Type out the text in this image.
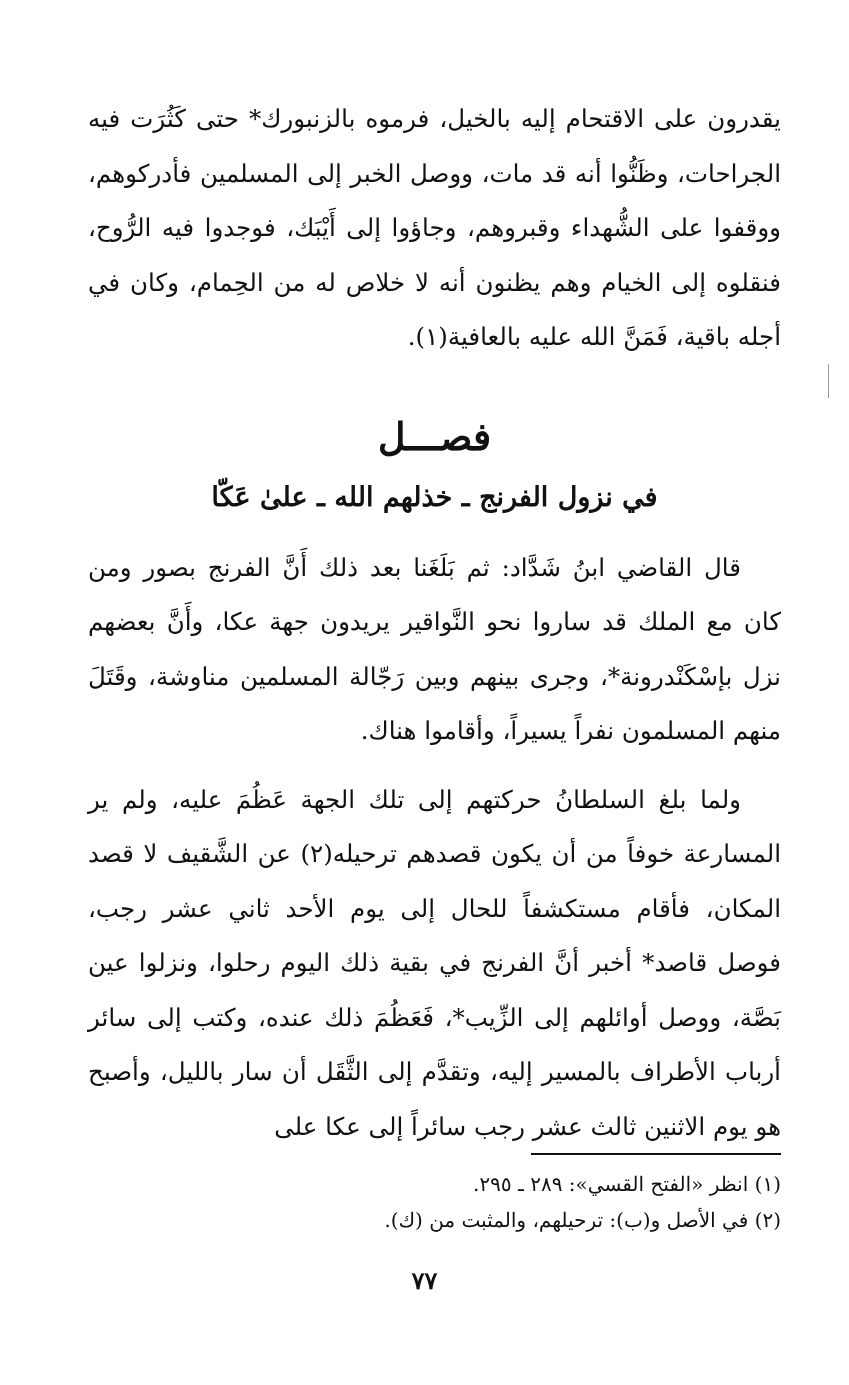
يقدرون على الاقتحام إليه بالخيل، فرموه بالزنبورك* حتى كَثُرَت فيه الجراحات، وظَنُّوا أنه قد مات، ووصل الخبر إلى المسلمين فأدركوهم، ووقفوا على الشُّهداء وقبروهم، وجاؤوا إلى أَيْبَك، فوجدوا فيه الرُّوح، فنقلوه إلى الخيام وهم يظنون أنه لا خلاص له من الحِمام، وكان في أجله باقية، فَمَنَّ الله عليه بالعافية(١).

فصـــل
في نزول الفرنج ـ خذلهم الله ـ علىٰ عَكّا

قال القاضي ابنُ شَدَّاد: ثم بَلَغَنا بعد ذلك أَنَّ الفرنج بصور ومن كان مع الملك قد ساروا نحو النَّواقير يريدون جهة عكا، وأَنَّ بعضهم نزل بإسْكَنْدرونة*، وجرى بينهم وبين رَجّالة المسلمين مناوشة، وقَتَلَ منهم المسلمون نفراً يسيراً، وأقاموا هناك.

ولما بلغ السلطانُ حركتهم إلى تلك الجهة عَظُمَ عليه، ولم ير المسارعة خوفاً من أن يكون قصدهم ترحيله(٢) عن الشَّقيف لا قصد المكان، فأقام مستكشفاً للحال إلى يوم الأحد ثاني عشر رجب، فوصل قاصد* أخبر أنَّ الفرنج في بقية ذلك اليوم رحلوا، ونزلوا عين بَصَّة، ووصل أوائلهم إلى الزِّيب*، فَعَظُمَ ذلك عنده، وكتب إلى سائر أرباب الأطراف بالمسير إليه، وتقدَّم إلى الثَّقَل أن سار بالليل، وأصبح هو يوم الاثنين ثالث عشر رجب سائراً إلى عكا على

(١) انظر «الفتح القسي»: ٢٨٩ ـ ٢٩٥.

(٢) في الأصل و(ب): ترحيلهم، والمثبت من (ك).

٧٧
